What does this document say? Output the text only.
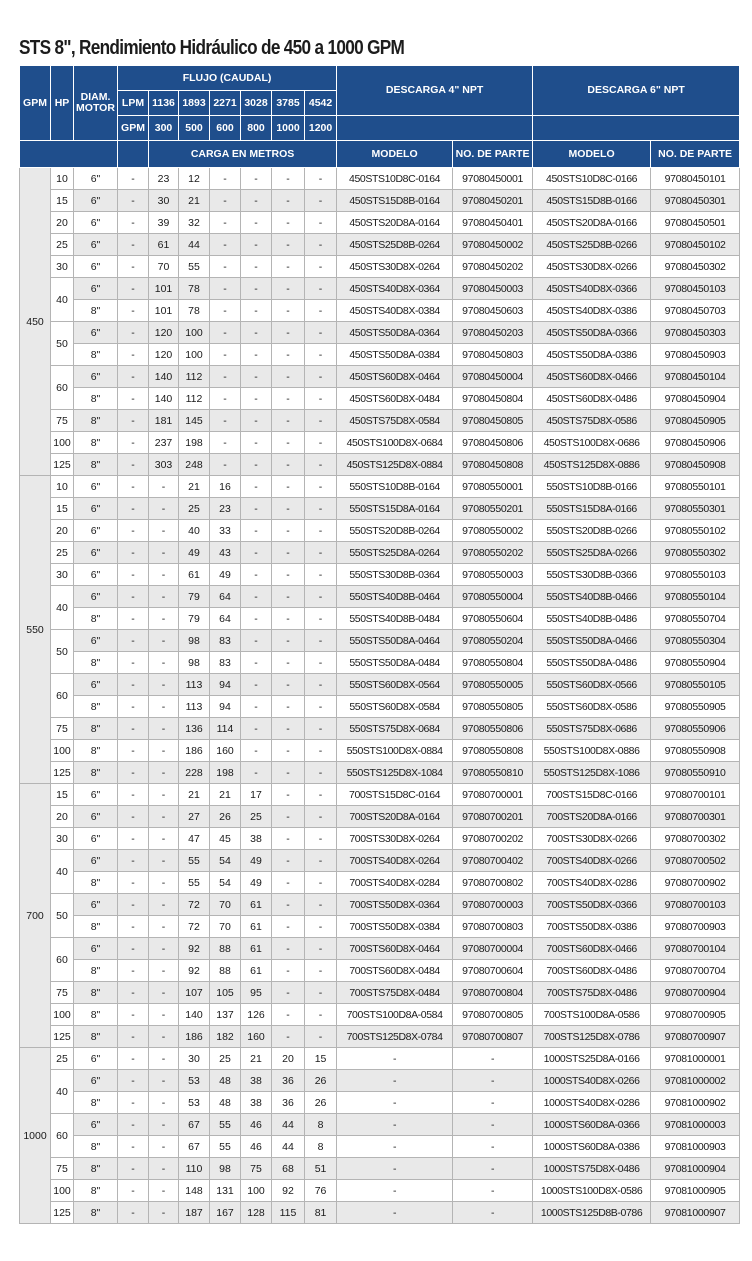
STS 8", Rendimiento Hidráulico de 450 a 1000 GPM
GPM	HP	DIAM. MOTOR	FLUJO (CAUDAL)							DESCARGA 4" NPT		DESCARGA 6" NPT	
			LPM	1136	1893	2271	3028	3785	4542				
			GPM	300	500	600	800	1000	1200				
				CARGA EN METROS						MODELO	NO. DE PARTE	MODELO	NO. DE PARTE
450	10	6"	-	23	12	-	-	-	-	450STS10D8C-0164	97080450001	450STS10D8C-0166	97080450101
	15	6"	-	30	21	-	-	-	-	450STS15D8B-0164	97080450201	450STS15D8B-0166	97080450301
	20	6"	-	39	32	-	-	-	-	450STS20D8A-0164	97080450401	450STS20D8A-0166	97080450501
	25	6"	-	61	44	-	-	-	-	450STS25D8B-0264	97080450002	450STS25D8B-0266	97080450102
	30	6"	-	70	55	-	-	-	-	450STS30D8X-0264	97080450202	450STS30D8X-0266	97080450302
	40	6"	-	101	78	-	-	-	-	450STS40D8X-0364	97080450003	450STS40D8X-0366	97080450103
		8"	-	101	78	-	-	-	-	450STS40D8X-0384	97080450603	450STS40D8X-0386	97080450703
	50	6"	-	120	100	-	-	-	-	450STS50D8A-0364	97080450203	450STS50D8A-0366	97080450303
		8"	-	120	100	-	-	-	-	450STS50D8A-0384	97080450803	450STS50D8A-0386	97080450903
	60	6"	-	140	112	-	-	-	-	450STS60D8X-0464	97080450004	450STS60D8X-0466	97080450104
		8"	-	140	112	-	-	-	-	450STS60D8X-0484	97080450804	450STS60D8X-0486	97080450904
	75	8"	-	181	145	-	-	-	-	450STS75D8X-0584	97080450805	450STS75D8X-0586	97080450905
	100	8"	-	237	198	-	-	-	-	450STS100D8X-0684	97080450806	450STS100D8X-0686	97080450906
	125	8"	-	303	248	-	-	-	-	450STS125D8X-0884	97080450808	450STS125D8X-0886	97080450908
550	10	6"	-	-	21	16	-	-	-	550STS10D8B-0164	97080550001	550STS10D8B-0166	97080550101
	15	6"	-	-	25	23	-	-	-	550STS15D8A-0164	97080550201	550STS15D8A-0166	97080550301
	20	6"	-	-	40	33	-	-	-	550STS20D8B-0264	97080550002	550STS20D8B-0266	97080550102
	25	6"	-	-	49	43	-	-	-	550STS25D8A-0264	97080550202	550STS25D8A-0266	97080550302
	30	6"	-	-	61	49	-	-	-	550STS30D8B-0364	97080550003	550STS30D8B-0366	97080550103
	40	6"	-	-	79	64	-	-	-	550STS40D8B-0464	97080550004	550STS40D8B-0466	97080550104
		8"	-	-	79	64	-	-	-	550STS40D8B-0484	97080550604	550STS40D8B-0486	97080550704
	50	6"	-	-	98	83	-	-	-	550STS50D8A-0464	97080550204	550STS50D8A-0466	97080550304
		8"	-	-	98	83	-	-	-	550STS50D8A-0484	97080550804	550STS50D8A-0486	97080550904
	60	6"	-	-	113	94	-	-	-	550STS60D8X-0564	97080550005	550STS60D8X-0566	97080550105
		8"	-	-	113	94	-	-	-	550STS60D8X-0584	97080550805	550STS60D8X-0586	97080550905
	75	8"	-	-	136	114	-	-	-	550STS75D8X-0684	97080550806	550STS75D8X-0686	97080550906
	100	8"	-	-	186	160	-	-	-	550STS100D8X-0884	97080550808	550STS100D8X-0886	97080550908
	125	8"	-	-	228	198	-	-	-	550STS125D8X-1084	97080550810	550STS125D8X-1086	97080550910
700	15	6"	-	-	21	21	17	-	-	700STS15D8C-0164	97080700001	700STS15D8C-0166	97080700101
	20	6"	-	-	27	26	25	-	-	700STS20D8A-0164	97080700201	700STS20D8A-0166	97080700301
	30	6"	-	-	47	45	38	-	-	700STS30D8X-0264	97080700202	700STS30D8X-0266	97080700302
	40	6"	-	-	55	54	49	-	-	700STS40D8X-0264	97080700402	700STS40D8X-0266	97080700502
		8"	-	-	55	54	49	-	-	700STS40D8X-0284	97080700802	700STS40D8X-0286	97080700902
	50	6"	-	-	72	70	61	-	-	700STS50D8X-0364	97080700003	700STS50D8X-0366	97080700103
		8"	-	-	72	70	61	-	-	700STS50D8X-0384	97080700803	700STS50D8X-0386	97080700903
	60	6"	-	-	92	88	61	-	-	700STS60D8X-0464	97080700004	700STS60D8X-0466	97080700104
		8"	-	-	92	88	61	-	-	700STS60D8X-0484	97080700604	700STS60D8X-0486	97080700704
	75	8"	-	-	107	105	95	-	-	700STS75D8X-0484	97080700804	700STS75D8X-0486	97080700904
	100	8"	-	-	140	137	126	-	-	700STS100D8A-0584	97080700805	700STS100D8A-0586	97080700905
	125	8"	-	-	186	182	160	-	-	700STS125D8X-0784	97080700807	700STS125D8X-0786	97080700907
1000	25	6"	-	-	30	25	21	20	15	-	-	1000STS25D8A-0166	97081000001
	40	6"	-	-	53	48	38	36	26	-	-	1000STS40D8X-0266	97081000002
		8"	-	-	53	48	38	36	26	-	-	1000STS40D8X-0286	97081000902
	60	6"	-	-	67	55	46	44	8	-	-	1000STS60D8A-0366	97081000003
		8"	-	-	67	55	46	44	8	-	-	1000STS60D8A-0386	97081000903
	75	8"	-	-	110	98	75	68	51	-	-	1000STS75D8X-0486	97081000904
	100	8"	-	-	148	131	100	92	76	-	-	1000STS100D8X-0586	97081000905
	125	8"	-	-	187	167	128	115	81	-	-	1000STS125D8B-0786	97081000907
